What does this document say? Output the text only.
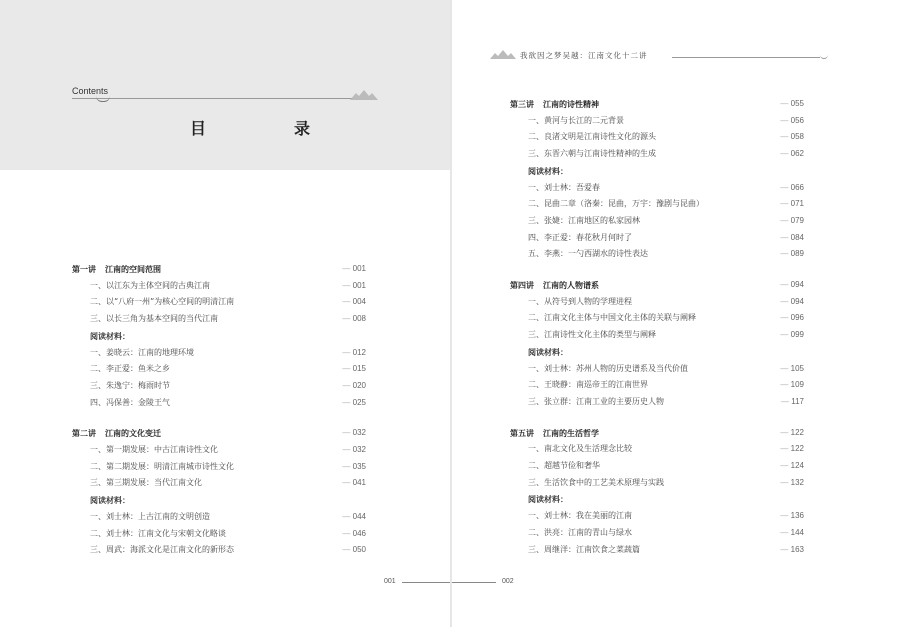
Contents
目　录
第一讲 江南的空间范围	— 001
一、以江东为主体空间的古典江南	— 001
二、以“八府一州”为核心空间的明清江南	— 004
三、以长三角为基本空间的当代江南	— 008
阅读材料：
一、姜晓云：江南的地理环境	— 012
二、李正爱：鱼米之乡	— 015
三、朱逸宁：梅雨时节	— 020
四、冯保善：金陵王气	— 025
第二讲 江南的文化变迁	— 032
一、第一期发展：中古江南诗性文化	— 032
二、第二期发展：明清江南城市诗性文化	— 035
三、第三期发展：当代江南文化	— 041
阅读材料：
一、刘士林：上古江南的文明创造	— 044
二、刘士林：江南文化与宋朝文化略谈	— 046
三、周武：海派文化是江南文化的新形态	— 050
001
我欲因之梦吴越：江南文化十二讲
第三讲 江南的诗性精神	— 055
一、黄河与长江的二元背景	— 056
二、良渚文明是江南诗性文化的源头	— 058
三、东晋六朝与江南诗性精神的生成	— 062
阅读材料：
一、刘士林：吾爱春	— 066
二、昆曲二章（洛秦：昆曲，万宇：豫剧与昆曲）	— 071
三、张婕：江南地区的私家园林	— 079
四、李正爱：春花秋月何时了	— 084
五、李燕：一勺西湖水的诗性表达	— 089
第四讲 江南的人物谱系	— 094
一、从符号到人物的学理进程	— 094
二、江南文化主体与中国文化主体的关联与阐释	— 096
三、江南诗性文化主体的类型与阐释	— 099
阅读材料：
一、刘士林：苏州人物的历史谱系及当代价值	— 105
二、王晓静：南巡帝王的江南世界	— 109
三、张立群：江南工业的主要历史人物	— 117
第五讲 江南的生活哲学	— 122
一、南北文化及生活理念比较	— 122
二、超越节俭和奢华	— 124
三、生活饮食中的工艺美术原理与实践	— 132
阅读材料：
一、刘士林：我在美丽的江南	— 136
二、洪亮：江南的青山与绿水	— 144
三、周继洋：江南饮食之菜蔬篇	— 163
002
